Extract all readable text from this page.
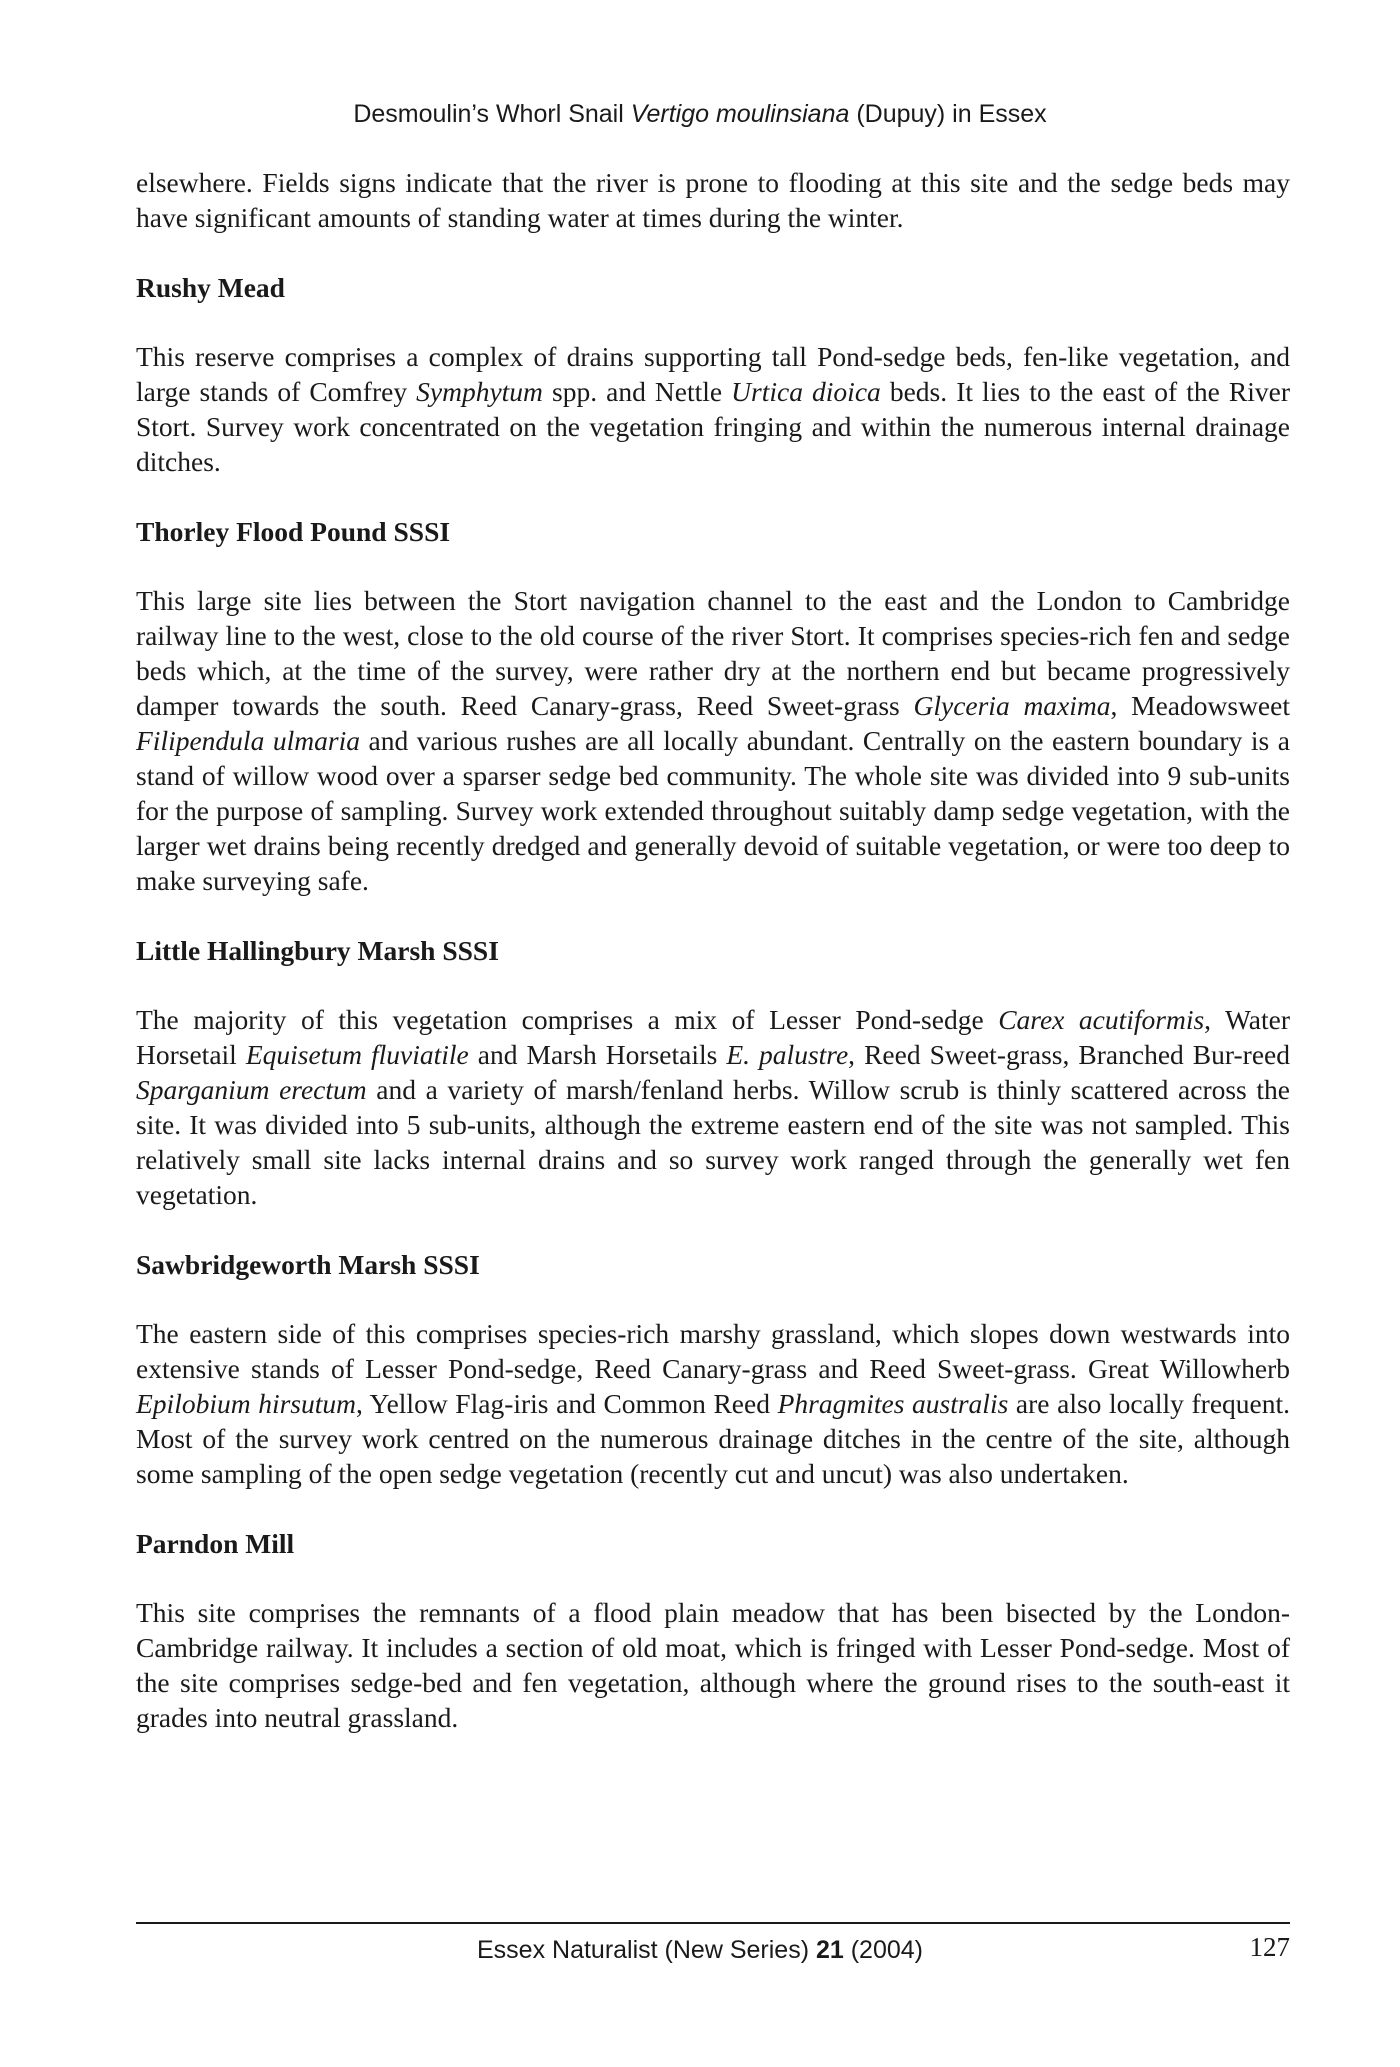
Desmoulin’s Whorl Snail Vertigo moulinsiana (Dupuy) in Essex

elsewhere. Fields signs indicate that the river is prone to flooding at this site and the sedge beds may have significant amounts of standing water at times during the winter.

Rushy Mead

This reserve comprises a complex of drains supporting tall Pond-sedge beds, fen-like vegetation, and large stands of Comfrey Symphytum spp. and Nettle Urtica dioica beds. It lies to the east of the River Stort. Survey work concentrated on the vegetation fringing and within the numerous internal drainage ditches.

Thorley Flood Pound SSSI

This large site lies between the Stort navigation channel to the east and the London to Cambridge railway line to the west, close to the old course of the river Stort. It comprises species-rich fen and sedge beds which, at the time of the survey, were rather dry at the northern end but became progressively damper towards the south. Reed Canary-grass, Reed Sweet-grass Glyceria maxima, Meadowsweet Filipendula ulmaria and various rushes are all locally abundant. Centrally on the eastern boundary is a stand of willow wood over a sparser sedge bed community. The whole site was divided into 9 sub-units for the purpose of sampling. Survey work extended throughout suitably damp sedge vegetation, with the larger wet drains being recently dredged and generally devoid of suitable vegetation, or were too deep to make surveying safe.

Little Hallingbury Marsh SSSI

The majority of this vegetation comprises a mix of Lesser Pond-sedge Carex acutiformis, Water Horsetail Equisetum fluviatile and Marsh Horsetails E. palustre, Reed Sweet-grass, Branched Bur-reed Sparganium erectum and a variety of marsh/fenland herbs. Willow scrub is thinly scattered across the site. It was divided into 5 sub-units, although the extreme eastern end of the site was not sampled. This relatively small site lacks internal drains and so survey work ranged through the generally wet fen vegetation.

Sawbridgeworth Marsh SSSI

The eastern side of this comprises species-rich marshy grassland, which slopes down westwards into extensive stands of Lesser Pond-sedge, Reed Canary-grass and Reed Sweet-grass. Great Willowherb Epilobium hirsutum, Yellow Flag-iris and Common Reed Phragmites australis are also locally frequent. Most of the survey work centred on the numerous drainage ditches in the centre of the site, although some sampling of the open sedge vegetation (recently cut and uncut) was also undertaken.

Parndon Mill

This site comprises the remnants of a flood plain meadow that has been bisected by the London-Cambridge railway. It includes a section of old moat, which is fringed with Lesser Pond-sedge. Most of the site comprises sedge-bed and fen vegetation, although where the ground rises to the south-east it grades into neutral grassland.

Essex Naturalist (New Series) 21 (2004)	127
